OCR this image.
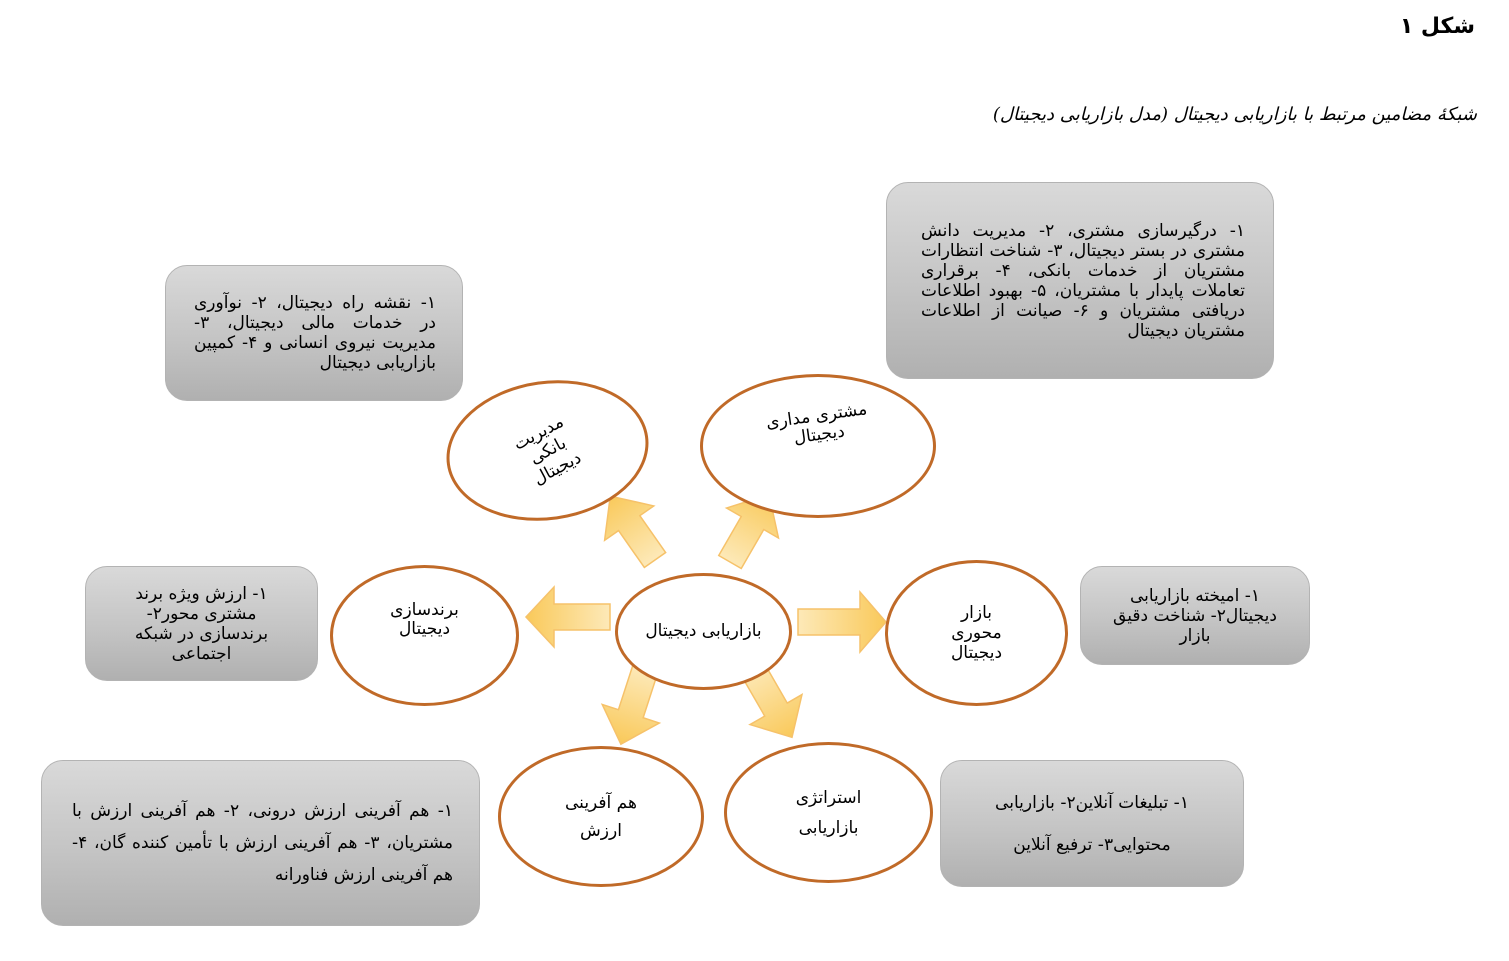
شکل ۱
شبکۀ مضامین مرتبط با بازاریابی دیجیتال (مدل بازاریابی دیجیتال)

۱- نقشه راه دیجیتال، ۲- نوآوری در خدمات مالی دیجیتال، ۳- مدیریت نیروی انسانی و ۴- کمپین بازاریابی دیجیتال

۱- درگیرسازی مشتری، ۲- مدیریت دانش مشتری در بستر دیجیتال، ۳- شناخت انتظارات مشتریان از خدمات بانکی، ۴- برقراری تعاملات پایدار با مشتریان، ۵- بهبود اطلاعات دریافتی مشتریان و ۶- صیانت از اطلاعات مشتریان دیجیتال

۱- امیخته بازاریابی دیجیتال۲- شناخت دقیق بازار

۱- ارزش ویژه برند مشتری محور۲- برندسازی در شبکه اجتماعی

۱- هم آفرینی ارزش درونی، ۲- هم آفرینی ارزش با مشتریان، ۳- هم آفرینی ارزش با تأمین کننده گان، ۴- هم آفرینی ارزش فناورانه

۱- تبلیغات آنلاین۲- بازاریابی محتوایی۳- ترفیع آنلاین

بازاریابی دیجیتال
مدیریت بانکی دیجیتال
مشتری مداری دیجیتال
بازار محوری دیجیتال
برندسازی دیجیتال
هم آفرینی ارزش
استراتژی بازاریابی
